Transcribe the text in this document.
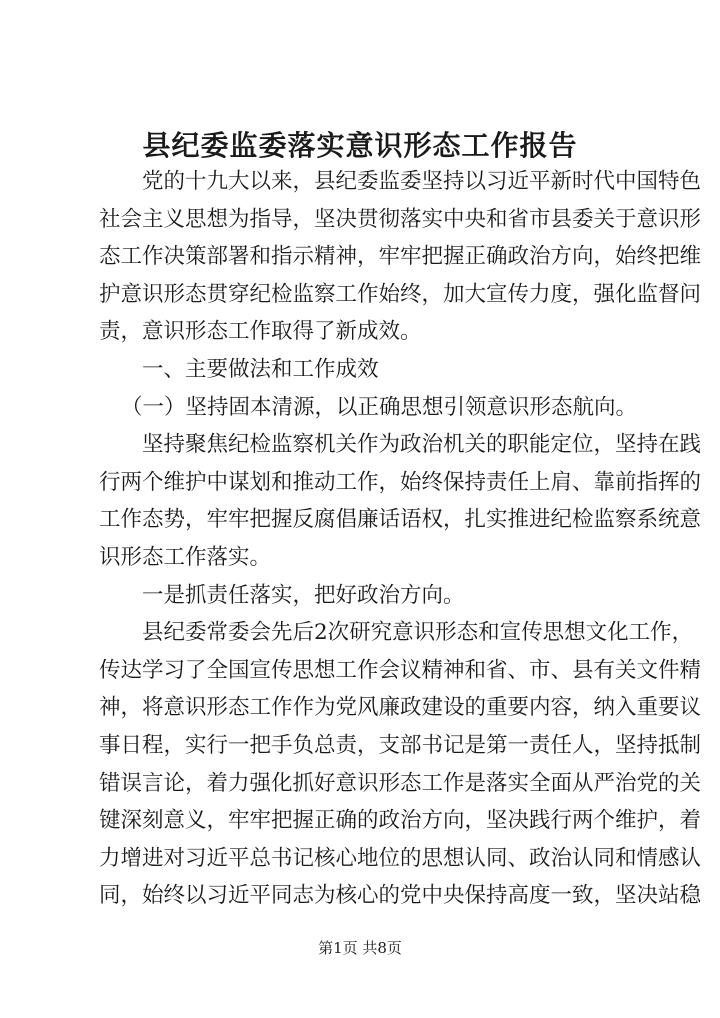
县纪委监委落实意识形态工作报告
党的十九大以来，县纪委监委坚持以习近平新时代中国特色
社会主义思想为指导，坚决贯彻落实中央和省市县委关于意识形
态工作决策部署和指示精神，牢牢把握正确政治方向，始终把维
护意识形态贯穿纪检监察工作始终，加大宣传力度，强化监督问
责，意识形态工作取得了新成效。
一、主要做法和工作成效
（一）坚持固本清源，以正确思想引领意识形态航向。
坚持聚焦纪检监察机关作为政治机关的职能定位，坚持在践
行两个维护中谋划和推动工作，始终保持责任上肩、靠前指挥的
工作态势，牢牢把握反腐倡廉话语权，扎实推进纪检监察系统意
识形态工作落实。
一是抓责任落实，把好政治方向。
县纪委常委会先后2次研究意识形态和宣传思想文化工作，
传达学习了全国宣传思想工作会议精神和省、市、县有关文件精
神，将意识形态工作作为党风廉政建设的重要内容，纳入重要议
事日程，实行一把手负总责，支部书记是第一责任人，坚持抵制
错误言论，着力强化抓好意识形态工作是落实全面从严治党的关
键深刻意义，牢牢把握正确的政治方向，坚决践行两个维护，着
力增进对习近平总书记核心地位的思想认同、政治认同和情感认
同，始终以习近平同志为核心的党中央保持高度一致，坚决站稳
第1页 共8页
